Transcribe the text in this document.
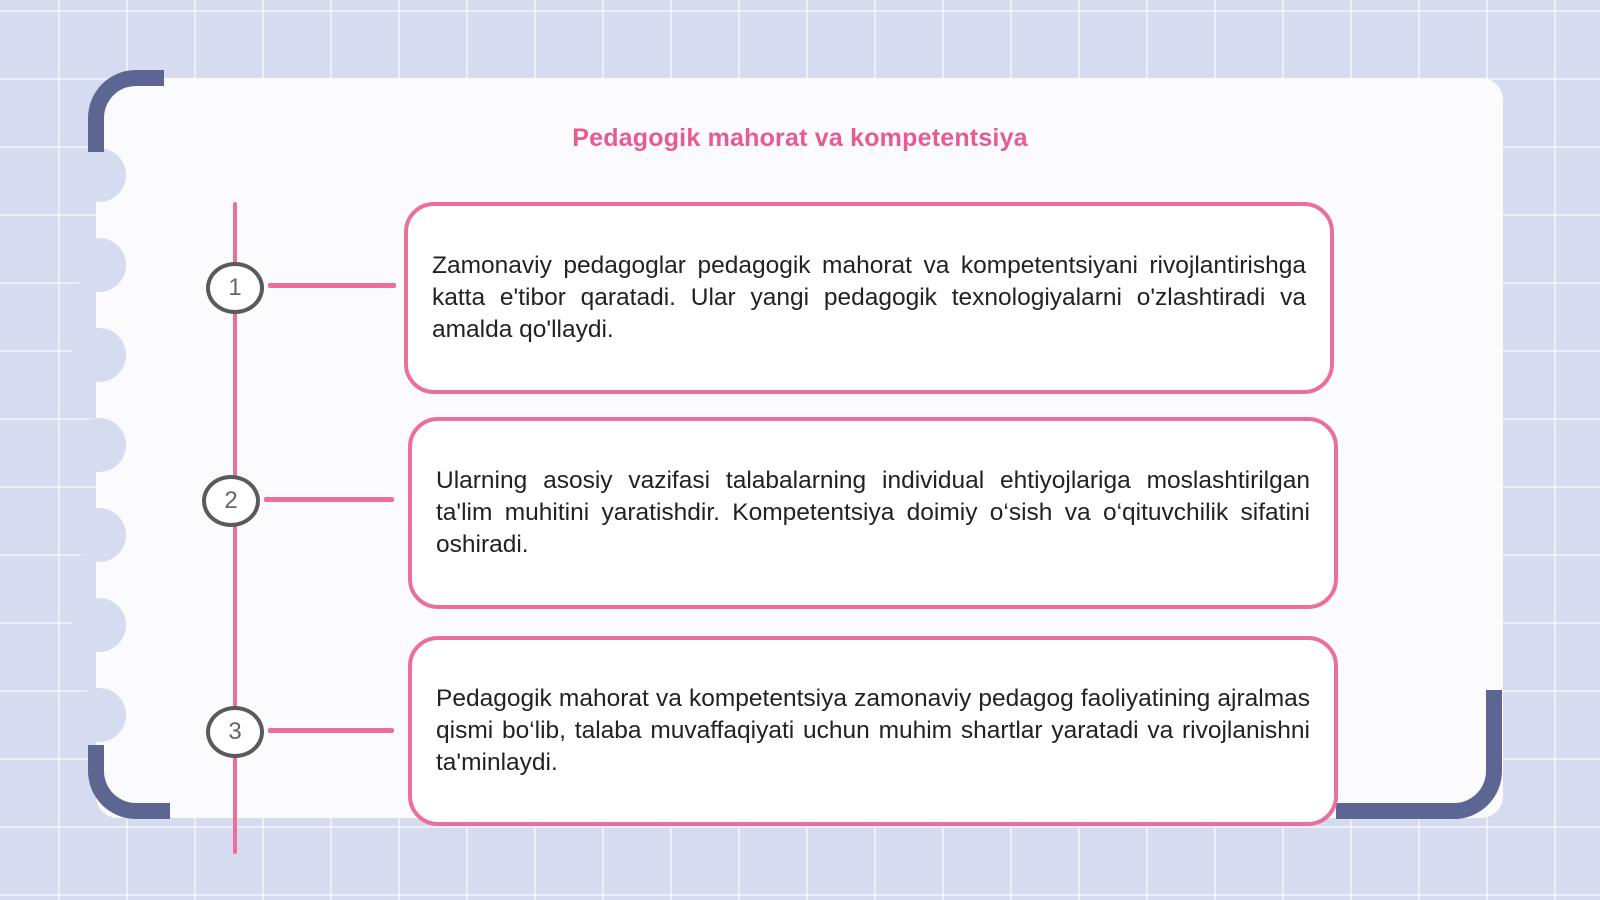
Pedagogik mahorat va kompetentsiya
1

Zamonaviy pedagoglar pedagogik mahorat va kompetentsiyani rivojlantirishga katta e'tibor qaratadi. Ular yangi pedagogik texnologiyalarni o'zlashtiradi va amalda qo'llaydi.

2

Ularning asosiy vazifasi talabalarning individual ehtiyojlariga moslashtirilgan ta'lim muhitini yaratishdir. Kompetentsiya doimiy o‘sish va o‘qituvchilik sifatini oshiradi.

3

Pedagogik mahorat va kompetentsiya zamonaviy pedagog faoliyatining ajralmas qismi bo‘lib, talaba muvaffaqiyati uchun muhim shartlar yaratadi va rivojlanishni ta'minlaydi.
